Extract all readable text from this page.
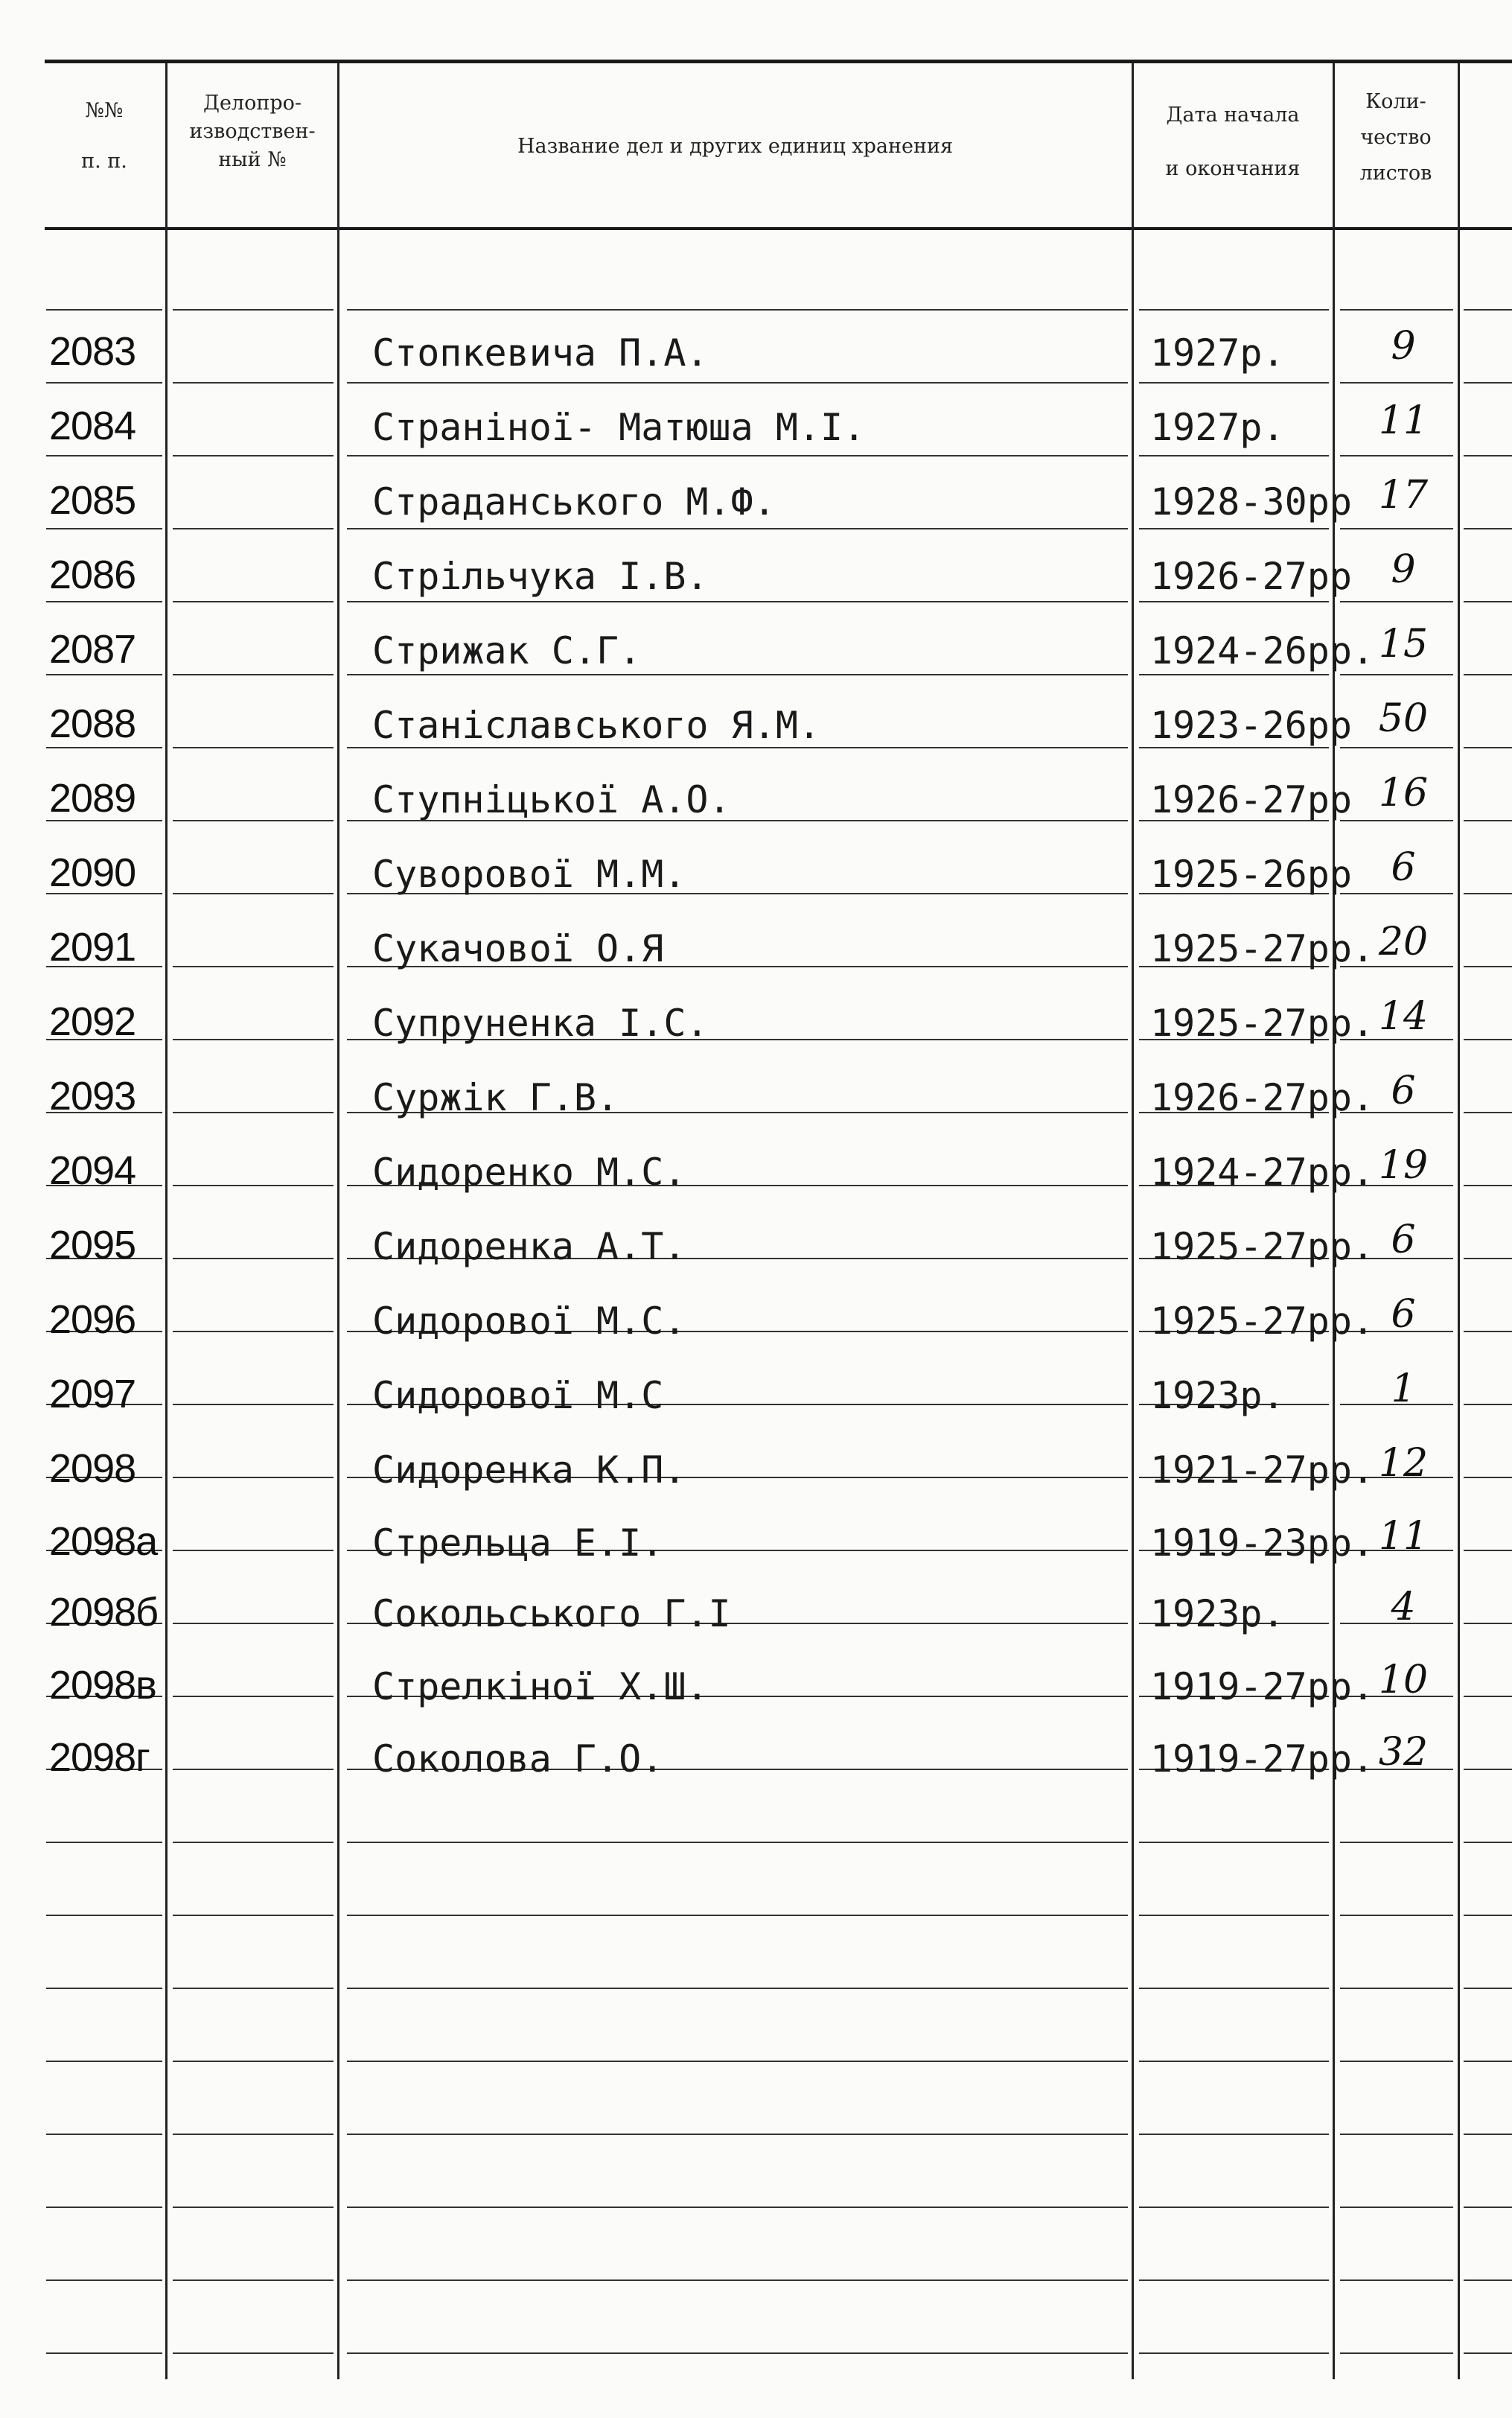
№№
п. п.
Делопро-
изводствен-
ный №
Название дел и других единиц хранения
Дата начала
и окончания
Коли-
чество
листов
2083	Стопкевича П.А.	1927р.	9
2084	Странiної- Матюша М.I.	1927р.	11
2085	Страданського М.Ф.	1928-30рр 17
2086	Стрiльчука I.В.	1926-27рр	9
2087	Стрижак С.Г.	1924-26рр. 15
2088	Станiславського Я.М.	1923-26рр 50
2089	Ступнiцької А.О.	1926-27рр 16
2090	Суворової М.М.	1925-26рр	6
2091	Сукачової О.Я	1925-27рр. 20
2092	Супруненка I.С.	1925-27рр. 14
2093	Суржiк Г.В.	1926-27рр. 6
2094	Сидоренко М.С.	1924-27рр. 19
2095	Сидоренка А.Т.	1925-27рр. 6
2096	Сидорової М.С.	1925-27рр. 6
2097	Сидорової М.С	1923р.	1
2098	Сидоренка К.П.	1921-27рр. 12
2098а	Стрельца Е.I.	1919-23рр. 11
2098б	Сокольського Г.I	1923р.	4
2098в	Стрелкiної Х.Ш.	1919-27рр. 10
2098г	Соколова Г.О.	1919-27рр. 32
